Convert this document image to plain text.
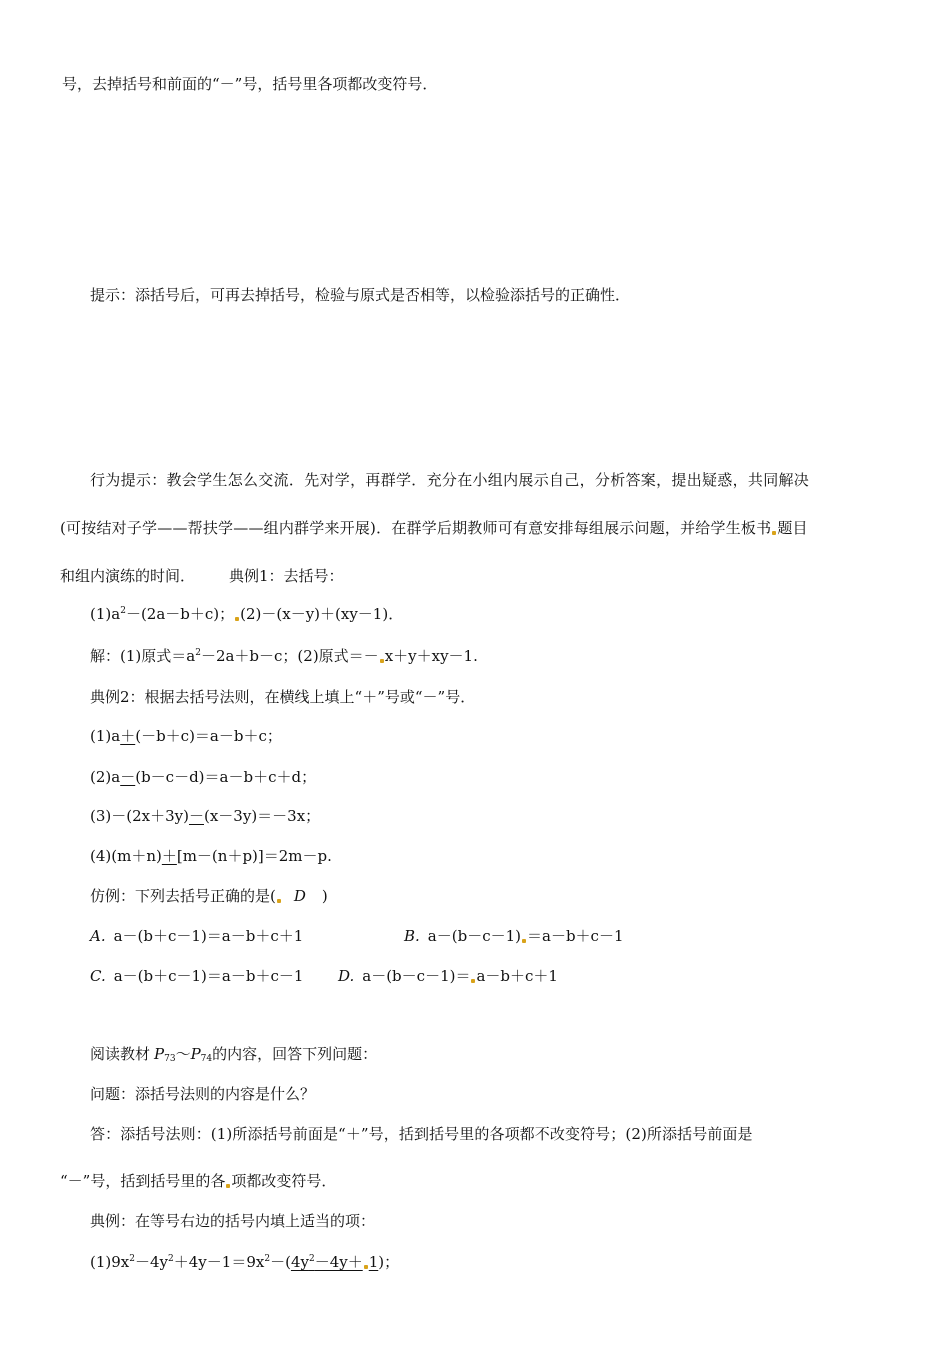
号，去掉括号和前面的“－”号，括号里各项都改变符号．
提示：添括号后，可再去掉括号，检验与原式是否相等，以检验添括号的正确性．
行为提示：教会学生怎么交流．先对学，再群学．充分在小组内展示自己，分析答案，提出疑惑，共同解决
(可按结对子学——帮扶学——组内群学来开展)．在群学后期教师可有意安排每组展示问题，并给学生板书 题目
和组内演练的时间． 典例1：去括号：
$(1)a^2-(2a-b+c)$； (2)－(x－y)＋(xy－1)．
解：(1)原式$=a^2-2a+b-c$；(2)原式＝－ x＋y＋xy－1.
典例2：根据去括号法则，在横线上填上“＋”号或“－”号．
(1)a＋(－b＋c)＝a－b＋c；
(2)a－(b－c－d)＝a－b＋c＋d；
(3)－(2x＋3y)－(x－3y)＝－3x；
(4)(m＋n)＋[m－(n＋p)]＝2m－p.
仿例：下列去括号正确的是( D )
A. a－(b＋c－1)＝a－b＋c＋1	B. a－(b－c－1) ＝a－b＋c－1
C. a－(b＋c－1)＝a－b＋c－1 D. a－(b－c－1)＝ a－b＋c＋1
阅读教材 $P_{73}\sim P_{74}$的内容，回答下列问题：
问题：添括号法则的内容是什么？
答：添括号法则：(1)所添括号前面是“＋”号，括到括号里的各项都不改变符号；(2)所添括号前面是
“－”号，括到括号里的各 项都改变符号．
典例：在等号右边的括号内填上适当的项：
$(1)9x^2-4y^2+4y-1=9x^2-(4y^2-4y+ 1)$；
